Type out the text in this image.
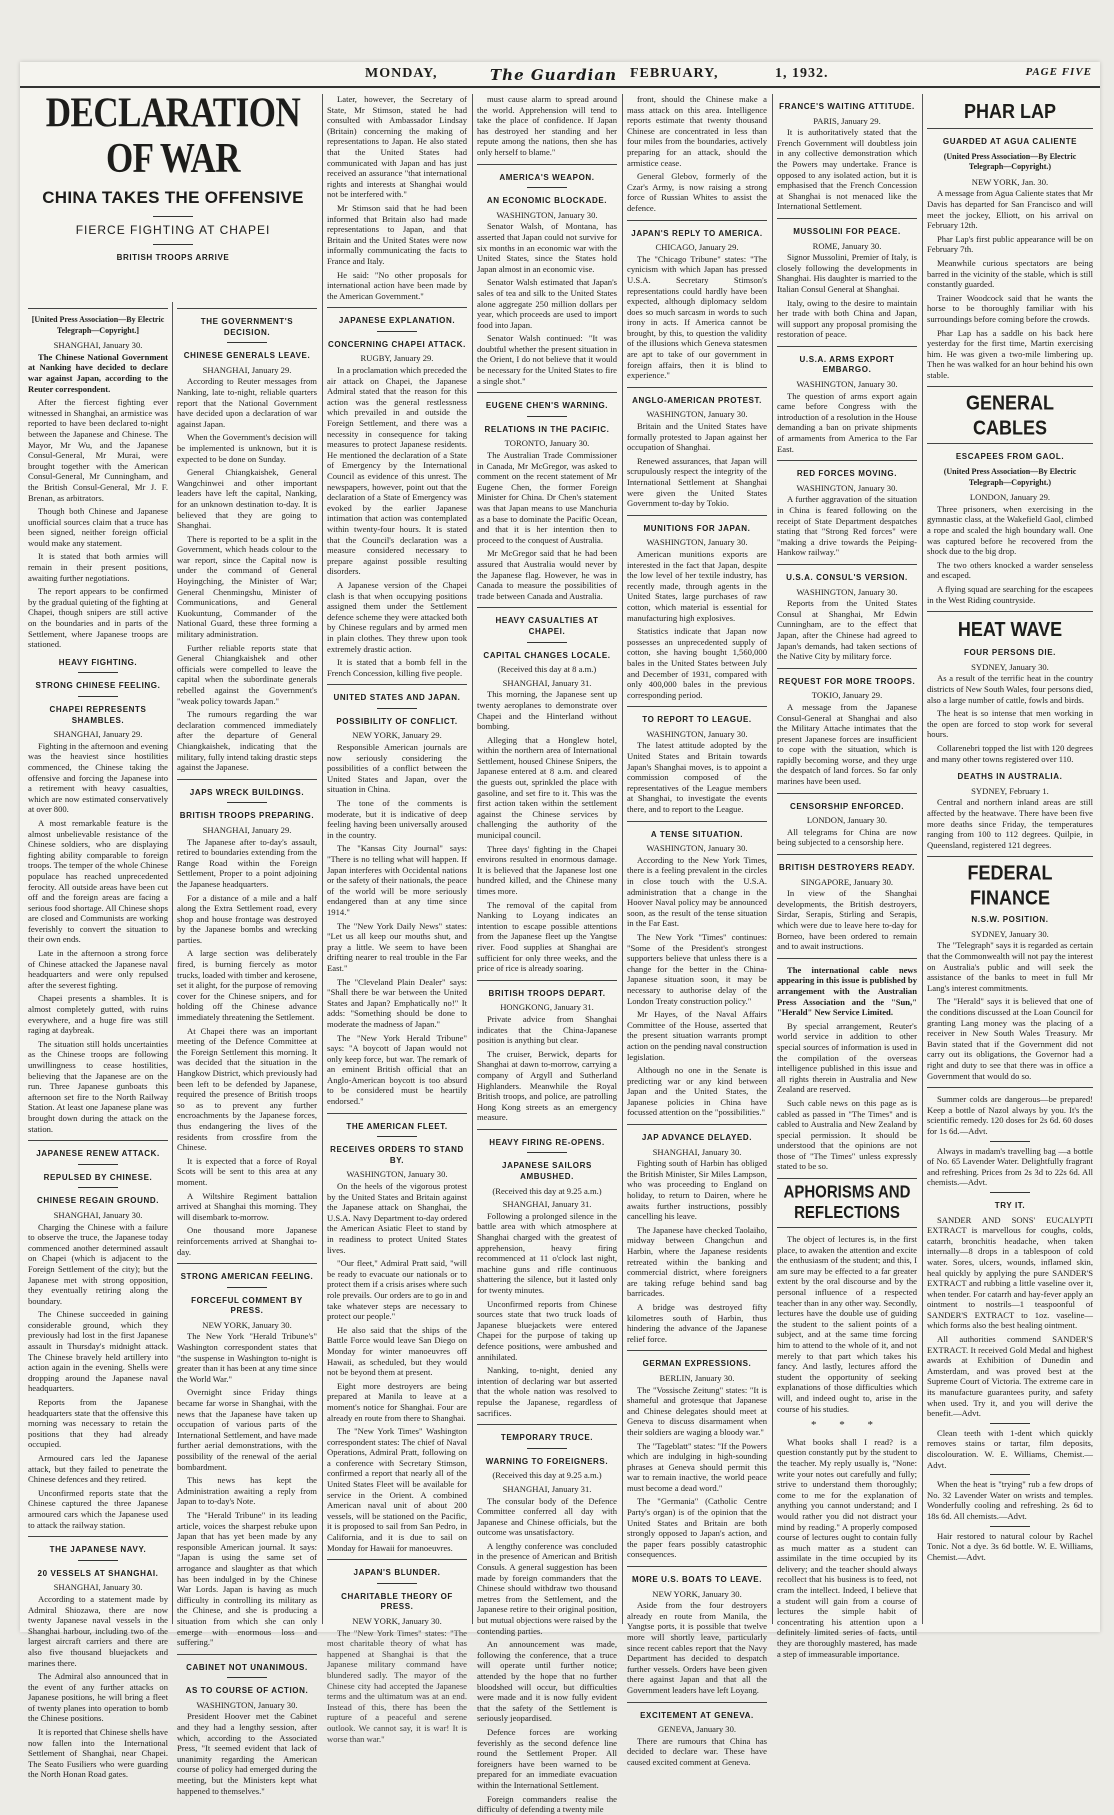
MONDAY,	The Guardian FEBRUARY,	1, 1932.	PAGE FIVE
DECLARATION OF WAR
CHINA TAKES THE OFFENSIVE
FIERCE FIGHTING AT CHAPEI
BRITISH TROOPS ARRIVE
[United Press Association—By Electric Telegraph—Copyright.]
SHANGHAI, January 30.

The Chinese National Government at Nanking have decided to declare war against Japan, according to the Reuter correspondent.

After the fiercest fighting ever witnessed in Shanghai, an armistice was reported to have been declared to-night between the Japanese and Chinese. The Mayor, Mr Wu, and the Japanese Consul-General, Mr Murai, were brought together with the American Consul-General, Mr Cunningham, and the British Consul-General, Mr J. F. Brenan, as arbitrators.

Though both Chinese and Japanese unofficial sources claim that a truce has been signed, neither foreign official would make any statement.

It is stated that both armies will remain in their present positions, awaiting further negotiations.

The report appears to be confirmed by the gradual quieting of the fighting at Chapei, though snipers are still active on the boundaries and in parts of the Settlement, where Japanese troops are stationed.

HEAVY FIGHTING.
STRONG CHINESE FEELING.
CHAPEI REPRESENTS SHAMBLES.
SHANGHAI, January 29.

Fighting in the afternoon and evening was the heaviest since hostilities commenced, the Chinese taking the offensive and forcing the Japanese into a retirement with heavy casualties, which are now estimated conservatively at over 800.

A most remarkable feature is the almost unbelievable resistance of the Chinese soldiers, who are displaying fighting ability comparable to foreign troops. The temper of the whole Chinese populace has reached unprecedented ferocity. All outside areas have been cut off and the foreign areas are facing a serious food shortage. All Chinese shops are closed and Communists are working feverishly to convert the situation to their own ends.

Late in the afternoon a strong force of Chinese attacked the Japanese naval headquarters and were only repulsed after the severest fighting.

Chapei presents a shambles. It is almost completely gutted, with ruins everywhere, and a huge fire was still raging at daybreak.

The situation still holds uncertainties as the Chinese troops are following unwillingness to cease hostilities, believing that the Japanese are on the run. Three Japanese gunboats this afternoon set fire to the North Railway Station. At least one Japanese plane was brought down during the attack on the station.

JAPANESE RENEW ATTACK.
REPULSED BY CHINESE.
CHINESE REGAIN GROUND.
SHANGHAI, January 30.

Charging the Chinese with a failure to observe the truce, the Japanese today commenced another determined assault on Chapei (which is adjacent to the Foreign Settlement of the city); but the Japanese met with strong opposition, they eventually retiring along the boundary.

The Chinese succeeded in gaining considerable ground, which they previously had lost in the first Japanese assault in Thursday's midnight attack. The Chinese bravely held artillery into action again in the evening. Shells were dropping around the Japanese naval headquarters.

Reports from the Japanese headquarters state that the offensive this morning was necessary to retain the positions that they had already occupied.

Armoured cars led the Japanese attack, but they failed to penetrate the Chinese defences and they retired.

Unconfirmed reports state that the Chinese captured the three Japanese armoured cars which the Japanese used to attack the railway station.

THE JAPANESE NAVY.
20 VESSELS AT SHANGHAI.
SHANGHAI, January 30.

According to a statement made by Admiral Shiozawa, there are now twenty Japanese naval vessels in the Shanghai harbour, including two of the largest aircraft carriers and there are also five thousand bluejackets and marines there.

The Admiral also announced that in the event of any further attacks on Japanese positions, he will bring a fleet of twenty planes into operation to bomb the Chinese positions.

It is reported that Chinese shells have now fallen into the International Settlement of Shanghai, near Chapei. The Seato Fusiliers who were guarding the North Honan Road gates.

THE GOVERNMENT'S DECISION.
CHINESE GENERALS LEAVE.
SHANGHAI, January 29.

According to Reuter messages from Nanking, late to-night, reliable quarters report that the National Government have decided upon a declaration of war against Japan.

When the Government's decision will be implemented is unknown, but it is expected to be done on Sunday.

General Chiangkaishek, General Wangchinwei and other important leaders have left the capital, Nanking, for an unknown destination to-day. It is believed that they are going to Shanghai.

There is reported to be a split in the Government, which heads colour to the war report, since the Capital now is under the command of General Hoyingching, the Minister of War; General Chenmingshu, Minister of Communications, and General Kuokuntung, Commander of the National Guard, these three forming a military administration.

Further reliable reports state that General Chiangkaishek and other officials were compelled to leave the capital when the subordinate generals rebelled against the Government's "weak policy towards Japan."

The rumours regarding the war declaration commenced immediately after the departure of General Chiangkaishek, indicating that the military, fully intend taking drastic steps against the Japanese.

JAPS WRECK BUILDINGS.
BRITISH TROOPS PREPARING.
SHANGHAI, January 29.

The Japanese after to-day's assault, retired to boundaries extending from the Range Road within the Foreign Settlement, Proper to a point adjoining the Japanese headquarters.

For a distance of a mile and a half along the Extra Settlement road, every shop and house frontage was destroyed by the Japanese bombs and wrecking parties.

A large section was deliberately fired, is burning fiercely as motor trucks, loaded with timber and kerosene, set it alight, for the purpose of removing cover for the Chinese snipers, and for holding off the Chinese advance immediately threatening the Settlement.

At Chapei there was an important meeting of the Defence Committee at the Foreign Settlement this morning. It was decided that the situation in the Hangkow District, which previously had been left to be defended by Japanese, required the presence of British troops so as to prevent any further encroachments by the Japanese forces, thus endangering the lives of the residents from crossfire from the Chinese.

It is expected that a force of Royal Scots will be sent to this area at any moment.

A Wiltshire Regiment battalion arrived at Shanghai this morning. They will disembark to-morrow.

One thousand more Japanese reinforcements arrived at Shanghai to-day.

STRONG AMERICAN FEELING.
FORCEFUL COMMENT BY PRESS.
NEW YORK, January 30.

The New York "Herald Tribune's" Washington correspondent states that "the suspense in Washington to-night is greater than it has been at any time since the World War."

Overnight since Friday things became far worse in Shanghai, with the news that the Japanese have taken up occupation of various parts of the International Settlement, and have made further aerial demonstrations, with the possibility of the renewal of the aerial bombardment.

This news has kept the Administration awaiting a reply from Japan to to-day's Note.

The "Herald Tribune" in its leading article, voices the sharpest rebuke upon Japan that has yet been made by any responsible American journal. It says: "Japan is using the same set of arrogance and slaughter as that which has been indulged in by the Chinese War Lords. Japan is having as much difficulty in controlling its military as the Chinese, and she is producing a situation from which she can only emerge with enormous loss and suffering."

CABINET NOT UNANIMOUS.
AS TO COURSE OF ACTION.
WASHINGTON, January 30.

President Hoover met the Cabinet and they had a lengthy session, after which, according to the Associated Press, "It seemed evident that lack of unanimity regarding the American course of policy had emerged during the meeting, but the Ministers kept what happened to themselves."

Later, however, the Secretary of State, Mr Stimson, stated he had consulted with Ambassador Lindsay (Britain) concerning the making of representations to Japan. He also stated that the United States had communicated with Japan and has just received an assurance "that international rights and interests at Shanghai would not be interfered with."

Mr Stimson said that he had been informed that Britain also had made representations to Japan, and that Britain and the United States were now informally communicating the facts to France and Italy.

He said: "No other proposals for international action have been made by the American Government."

JAPANESE EXPLANATION.
CONCERNING CHAPEI ATTACK.
RUGBY, January 29.

In a proclamation which preceded the air attack on Chapei, the Japanese Admiral stated that the reason for this action was the general restlessness which prevailed in and outside the Foreign Settlement, and there was a necessity in consequence for taking measures to protect Japanese residents. He mentioned the declaration of a State of Emergency by the International Council as evidence of this unrest. The newspapers, however, point out that the declaration of a State of Emergency was evoked by the earlier Japanese intimation that action was contemplated within twenty-four hours. It is stated that the Council's declaration was a measure considered necessary to prepare against possible resulting disorders.

A Japanese version of the Chapei clash is that when occupying positions assigned them under the Settlement defence scheme they were attacked both by Chinese regulars and by armed men in plain clothes. They threw upon took extremely drastic action.

It is stated that a bomb fell in the French Concession, killing five people.

UNITED STATES AND JAPAN.
POSSIBILITY OF CONFLICT.
NEW YORK, January 29.

Responsible American journals are now seriously considering the possibilities of a conflict between the United States and Japan, over the situation in China.

The tone of the comments is moderate, but it is indicative of deep feeling having been universally aroused in the country.

The "Kansas City Journal" says: "There is no telling what will happen. If Japan interferes with Occidental nations or the safety of their nationals, the peace of the world will be more seriously endangered than at any time since 1914."

The "New York Daily News" states: "Let us all keep our mouths shut, and pray a little. We seem to have been drifting nearer to real trouble in the Far East."

The "Cleveland Plain Dealer" says: "Shall there be war between the United States and Japan? Emphatically no!" It adds: "Something should be done to moderate the madness of Japan."

The "New York Herald Tribune" says: "A boycott of Japan would not only keep force, but war. The remark of an eminent British official that an Anglo-American boycott is too absurd to be considered must be heartily endorsed."

THE AMERICAN FLEET.
RECEIVES ORDERS TO STAND BY.
WASHINGTON, January 30.

On the heels of the vigorous protest by the United States and Britain against the Japanese attack on Shanghai, the U.S.A. Navy Department to-day ordered the American Asiatic Fleet to stand by in readiness to protect United States lives.

"Our fleet," Admiral Pratt said, "will be ready to evacuate our nationals or to protect them if a crisis arises where such role prevails. Our orders are to go in and take whatever steps are necessary to protect our people."

He also said that the ships of the Battle Force would leave San Diego on Monday for winter manoeuvres off Hawaii, as scheduled, but they would not be beyond them at present.

Eight more destroyers are being prepared at Manila to leave at a moment's notice for Shanghai. Four are already en route from there to Shanghai.

The "New York Times" Washington correspondent states: The chief of Naval Operations, Admiral Pratt, following on a conference with Secretary Stimson, confirmed a report that nearly all of the United States Fleet will be available for service in the Orient. A combined American naval unit of about 200 vessels, will be stationed on the Pacific, it is proposed to sail from San Pedro, in California, and it is due to sail on Monday for Hawaii for manoeuvres.

JAPAN'S BLUNDER.
CHARITABLE THEORY OF PRESS.
NEW YORK, January 30.

The "New York Times" states: "The most charitable theory of what has happened at Shanghai is that the Japanese military command have blundered sadly. The mayor of the Chinese city had accepted the Japanese terms and the ultimatum was at an end. Instead of this, there has been the rupture of a peaceful and serene outlook. We cannot say, it is war! It is worse than war."

must cause alarm to spread around the world. Apprehension will tend to take the place of confidence. If Japan has destroyed her standing and her repute among the nations, then she has only herself to blame."

AMERICA'S WEAPON.
AN ECONOMIC BLOCKADE.
WASHINGTON, January 30.

Senator Walsh, of Montana, has asserted that Japan could not survive for six months in an economic war with the United States, since the States hold Japan almost in an economic vise.

Senator Walsh estimated that Japan's sales of tea and silk to the United States alone aggregate 250 million dollars per year, which proceeds are used to import food into Japan.

Senator Walsh continued: "It was doubtful whether the present situation in the Orient, I do not believe that it would be necessary for the United States to fire a single shot."

EUGENE CHEN'S WARNING.
RELATIONS IN THE PACIFIC.
TORONTO, January 30.

The Australian Trade Commissioner in Canada, Mr McGregor, was asked to comment on the recent statement of Mr Eugene Chen, the former Foreign Minister for China. Dr Chen's statement was that Japan means to use Manchuria as a base to dominate the Pacific Ocean, and that it is her intention then to proceed to the conquest of Australia.

Mr McGregor said that he had been assured that Australia would never by the Japanese flag. However, he was in Canada to measure the possibilities of trade between Canada and Australia.

HEAVY CASUALTIES AT CHAPEI.
CAPITAL CHANGES LOCALE.
(Received this day at 8 a.m.)
SHANGHAI, January 31.

This morning, the Japanese sent up twenty aeroplanes to demonstrate over Chapei and the Hinterland without bombing.

Alleging that a Honglew hotel, within the northern area of International Settlement, housed Chinese Snipers, the Japanese entered at 8 a.m. and cleared the guests out, sprinkled the place with gasoline, and set fire to it. This was the first action taken within the settlement against the Chinese services by challenging the authority of the municipal council.

Three days' fighting in the Chapei environs resulted in enormous damage. It is believed that the Japanese lost one hundred killed, and the Chinese many times more.

The removal of the capital from Nanking to Loyang indicates an intention to escape possible attentions from the Japanese fleet up the Yangtse river. Food supplies at Shanghai are sufficient for only three weeks, and the price of rice is already soaring.

BRITISH TROOPS DEPART.
HONGKONG, January 31.

Private advice from Shanghai indicates that the China-Japanese position is anything but clear.

The cruiser, Berwick, departs for Shanghai at dawn to-morrow, carrying a company of Argyll and Sutherland Highlanders. Meanwhile the Royal British troops, and police, are patrolling Hong Kong streets as an emergency measure.

HEAVY FIRING RE-OPENS.
JAPANESE SAILORS AMBUSHED.
(Received this day at 9.25 a.m.)
SHANGHAI, January 31.

Following a prolonged silence in the battle area with which atmosphere at Shanghai charged with the greatest of apprehension, heavy firing recommenced at 11 o'clock last night, machine guns and rifle continuous shattering the silence, but it lasted only for twenty minutes.

Unconfirmed reports from Chinese sources state that two truck loads of Japanese bluejackets were entered Chapei for the purpose of taking up defence positions, were ambushed and annihilated.

Nanking, to-night, denied any intention of declaring war but asserted that the whole nation was resolved to repulse the Japanese, regardless of sacrifices.

TEMPORARY TRUCE.
WARNING TO FOREIGNERS.
(Received this day at 9.25 a.m.)
SHANGHAI, January 31.

The consular body of the Defence Committee conferred all day with Japanese and Chinese officials, but the outcome was unsatisfactory.

A lengthy conference was concluded in the presence of American and British Consuls. A general suggestion has been made by foreign commanders that the Chinese should withdraw two thousand metres from the Settlement, and the Japanese retire to their original position, but mutual objections were raised by the contending parties.

An announcement was made, following the conference, that a truce will operate until further notice; attended by the hope that no further bloodshed will occur, but difficulties were made and it is now fully evident that the safety of the Settlement is seriously jeopardised.

Defence forces are working feverishly as the second defence line round the Settlement Proper. All foreigners have been warned to be prepared for an immediate evacuation within the International Settlement.

Foreign commanders realise the difficulty of defending a twenty mile

front, should the Chinese make a mass attack on this area. Intelligence reports estimate that twenty thousand Chinese are concentrated in less than four miles from the boundaries, actively preparing for an attack, should the armistice cease.

General Glebov, formerly of the Czar's Army, is now raising a strong force of Russian Whites to assist the defence.

JAPAN'S REPLY TO AMERICA.
CHICAGO, January 29.

The "Chicago Tribune" states: "The cynicism with which Japan has pressed U.S.A. Secretary Stimson's representations could hardly have been expected, although diplomacy seldom does so much sarcasm in words to such irony in acts. If America cannot be brought, by this, to question the validity of the illusions which Geneva statesmen are apt to take of our government in foreign affairs, then it is blind to experience."

ANGLO-AMERICAN PROTEST.
WASHINGTON, January 30.

Britain and the United States have formally protested to Japan against her occupation of Shanghai.

Renewed assurances, that Japan will scrupulously respect the integrity of the International Settlement at Shanghai were given the United States Government to-day by Tokio.

MUNITIONS FOR JAPAN.
WASHINGTON, January 30.

American munitions exports are interested in the fact that Japan, despite the low level of her textile industry, has recently made, through agents in the United States, large purchases of raw cotton, which material is essential for manufacturing high explosives.

Statistics indicate that Japan now possesses an unprecedented supply of cotton, she having bought 1,560,000 bales in the United States between July and December of 1931, compared with only 400,000 bales in the previous corresponding period.

TO REPORT TO LEAGUE.
WASHINGTON, January 30.

The latest attitude adopted by the United States and Britain towards Japan's Shanghai moves, is to appoint a commission composed of the representatives of the League members at Shanghai, to investigate the events there, and to report to the League.

A TENSE SITUATION.
WASHINGTON, January 30.

According to the New York Times, there is a feeling prevalent in the circles in close touch with the U.S.A. administration that a change in the Hoover Naval policy may be announced soon, as the result of the tense situation in the Far East.

The New York "Times" continues: "Some of the President's strongest supporters believe that unless there is a change for the better in the China-Japanese situation soon, it may be necessary to authorise delay of the London Treaty construction policy."

Mr Hayes, of the Naval Affairs Committee of the House, asserted that the present situation warrants prompt action on the pending naval construction legislation.

Although no one in the Senate is predicting war or any kind between Japan and the United States, the Japanese policies in China have focussed attention on the "possibilities."

JAP ADVANCE DELAYED.
SHANGHAI, January 30.

Fighting south of Harbin has obliged the British Minister, Sir Miles Lampson, who was proceeding to England on holiday, to return to Dairen, where he awaits further instructions, possibly cancelling his leave.

The Japanese have checked Taolaiho, midway between Changchun and Harbin, where the Japanese residents retreated within the banking and commercial district, where foreigners are taking refuge behind sand bag barricades.

A bridge was destroyed fifty kilometres south of Harbin, thus hindering the advance of the Japanese relief force.

GERMAN EXPRESSIONS.
BERLIN, January 30.

The "Vossische Zeitung" states: "It is shameful and grotesque that Japanese and Chinese delegates should meet at Geneva to discuss disarmament when their soldiers are waging a bloody war."

The "Tageblatt" states: "If the Powers which are indulging in high-sounding phrases at Geneva should permit this war to remain inactive, the world peace must become a dead word."

The "Germania" (Catholic Centre Party's organ) is of the opinion that the United States and Britain are both strongly opposed to Japan's action, and the paper fears possibly catastrophic consequences.

MORE U.S. BOATS TO LEAVE.
NEW YORK, January 30.

Aside from the four destroyers already en route from Manila, the Yangtse ports, it is possible that twelve more will shortly leave, particularly since recent cables report that the Navy Department has decided to despatch further vessels. Orders have been given there against Japan and that all the Government leaders have left Loyang.

EXCITEMENT AT GENEVA.
GENEVA, January 30.

There are rumours that China has decided to declare war. These have caused excited comment at Geneva.

FRANCE'S WAITING ATTITUDE.
PARIS, January 29.

It is authoritatively stated that the French Government will doubtless join in any collective demonstration which the Powers may undertake. France is opposed to any isolated action, but it is emphasised that the French Concession at Shanghai is not menaced like the International Settlement.

MUSSOLINI FOR PEACE.
ROME, January 30.

Signor Mussolini, Premier of Italy, is closely following the developments in Shanghai. His daughter is married to the Italian Consul General at Shanghai.

Italy, owing to the desire to maintain her trade with both China and Japan, will support any proposal promising the restoration of peace.

U.S.A. ARMS EXPORT EMBARGO.
WASHINGTON, January 30.

The question of arms export again came before Congress with the introduction of a resolution in the House demanding a ban on private shipments of armaments from America to the Far East.

RED FORCES MOVING.
WASHINGTON, January 30.

A further aggravation of the situation in China is feared following on the receipt of State Department despatches stating that "Strong Red forces" were "making a drive towards the Peiping-Hankow railway."

U.S.A. CONSUL'S VERSION.
WASHINGTON, January 30.

Reports from the United States Consul at Shanghai, Mr Edwin Cunningham, are to the effect that Japan, after the Chinese had agreed to Japan's demands, had taken sections of the Native City by military force.

REQUEST FOR MORE TROOPS.
TOKIO, January 29.

A message from the Japanese Consul-General at Shanghai and also the Military Attache intimates that the present Japanese forces are insufficient to cope with the situation, which is rapidly becoming worse, and they urge the despatch of land forces. So far only marines have been used.

CENSORSHIP ENFORCED.
LONDON, January 30.

All telegrams for China are now being subjected to a censorship here.

BRITISH DESTROYERS READY.
SINGAPORE, January 30.

In view of the Shanghai developments, the British destroyers, Sirdar, Serapis, Stirling and Serapis, which were due to leave here to-day for Borneo, have been ordered to remain and to await instructions.

The international cable news appearing in this issue is published by arrangement with the Australian Press Association and the "Sun," "Herald" New Service Limited.

By special arrangement, Reuter's world service in addition to other special sources of information is used in the compilation of the overseas intelligence published in this issue and all rights therein in Australia and New Zealand are reserved.

Such cable news on this page as is cabled as passed in "The Times" and is cabled to Australia and New Zealand by special permission. It should be understood that the opinions are not those of "The Times" unless expressly stated to be so.

APHORISMS AND REFLECTIONS

The object of lectures is, in the first place, to awaken the attention and excite the enthusiasm of the student; and this, I am sure may be effected to a far greater extent by the oral discourse and by the personal influence of a respected teacher than in any other way. Secondly, lectures have the double use of guiding the student to the salient points of a subject, and at the same time forcing him to attend to the whole of it, and not merely to that part which takes his fancy. And lastly, lectures afford the student the opportunity of seeking explanations of those difficulties which will, and indeed ought to, arise in the course of his studies.

* * *

What books shall I read? is a question constantly put by the student to the teacher. My reply usually is, "None: write your notes out carefully and fully; strive to understand them thoroughly; come to me for the explanation of anything you cannot understand; and I would rather you did not distract your mind by reading." A properly composed course of lectures ought to contain fully as much matter as a student can assimilate in the time occupied by its delivery; and the teacher should always recollect that his business is to feed, not cram the intellect. Indeed, I believe that a student will gain from a course of lectures the simple habit of concentrating his attention upon a definitely limited series of facts, until they are thoroughly mastered, has made a step of immeasurable importance.

PHAR LAP
GUARDED AT AGUA CALIENTE
(United Press Association—By Electric Telegraph—Copyright.)
NEW YORK, Jan. 30.

A message from Agua Caliente states that Mr Davis has departed for San Francisco and will meet the jockey, Elliott, on his arrival on February 12th.

Phar Lap's first public appearance will be on February 7th.

Meanwhile curious spectators are being barred in the vicinity of the stable, which is still constantly guarded.

Trainer Woodcock said that he wants the horse to be thoroughly familiar with his surroundings before coming before the crowds.

Phar Lap has a saddle on his back here yesterday for the first time, Martin exercising him. He was given a two-mile limbering up. Then he was walked for an hour behind his own stable.

GENERAL CABLES
ESCAPEES FROM GAOL.
(United Press Association—By Electric Telegraph—Copyright.)
LONDON, January 29.

Three prisoners, when exercising in the gymnastic class, at the Wakefield Gaol, climbed a rope and scaled the high boundary wall. One was captured before he recovered from the shock due to the big drop.

The two others knocked a warder senseless and escaped.

A flying squad are searching for the escapees in the West Riding countryside.

HEAT WAVE
FOUR PERSONS DIE.
SYDNEY, January 30.

As a result of the terrific heat in the country districts of New South Wales, four persons died, also a large number of cattle, fowls and birds.

The heat is so intense that men working in the open are forced to stop work for several hours.

Collarenebri topped the list with 120 degrees and many other towns registered over 110.

DEATHS IN AUSTRALIA.
SYDNEY, February 1.

Central and northern inland areas are still affected by the heatwave. There have been five more deaths since Friday, the temperatures ranging from 100 to 112 degrees. Quilpie, in Queensland, registered 121 degrees.

FEDERAL FINANCE
N.S.W. POSITION.
SYDNEY, January 30.

The "Telegraph" says it is regarded as certain that the Commonwealth will not pay the interest on Australia's public and will seek the assistance of the banks to meet in full Mr Lang's interest commitments.

The "Herald" says it is believed that one of the conditions discussed at the Loan Council for granting Lang money was the placing of a receiver in New South Wales Treasury. Mr Bavin stated that if the Government did not carry out its obligations, the Governor had a right and duty to see that there was in office a Government that would do so.

Summer colds are dangerous—be prepared! Keep a bottle of Nazol always by you. It's the scientific remedy. 120 doses for 2s 6d. 60 doses for 1s 6d.—Advt.

Always in madam's travelling bag —a bottle of No. 65 Lavender Water. Delightfully fragrant and refreshing. Prices from 2s 3d to 22s 6d. All chemists.—Advt.

TRY IT.

SANDER AND SONS' EUCALYPTI EXTRACT is marvellous for coughs, colds, catarrh, bronchitis headache, when taken internally—8 drops in a tablespoon of cold water. Sores, ulcers, wounds, inflamed skin, heal quickly by applying the pure SANDER'S EXTRACT and rubbing a little vaseline over it, when tender. For catarrh and hay-fever apply an ointment to nostrils—1 teaspoonful of SANDER'S EXTRACT to 1oz. vaseline—which forms also the best healing ointment.

All authorities commend SANDER'S EXTRACT. It received Gold Medal and highest awards at Exhibition of Dunedin and Amsterdam, and was proved best at the Supreme Court of Victoria. The extreme care in its manufacture guarantees purity, and safety when used. Try it, and you will derive the benefit.—Advt.

Clean teeth with 1-dent which quickly removes stains or tartar, film deposits, discolouration. W. E. Williams, Chemist.—Advt.

When the heat is "trying" rub a few drops of No. 32 Lavender Water on wrists and temples. Wonderfully cooling and refreshing. 2s 6d to 18s 6d. All chemists.—Advt.

Hair restored to natural colour by Rachel Tonic. Not a dye. 3s 6d bottle. W. E. Williams, Chemist.—Advt.
